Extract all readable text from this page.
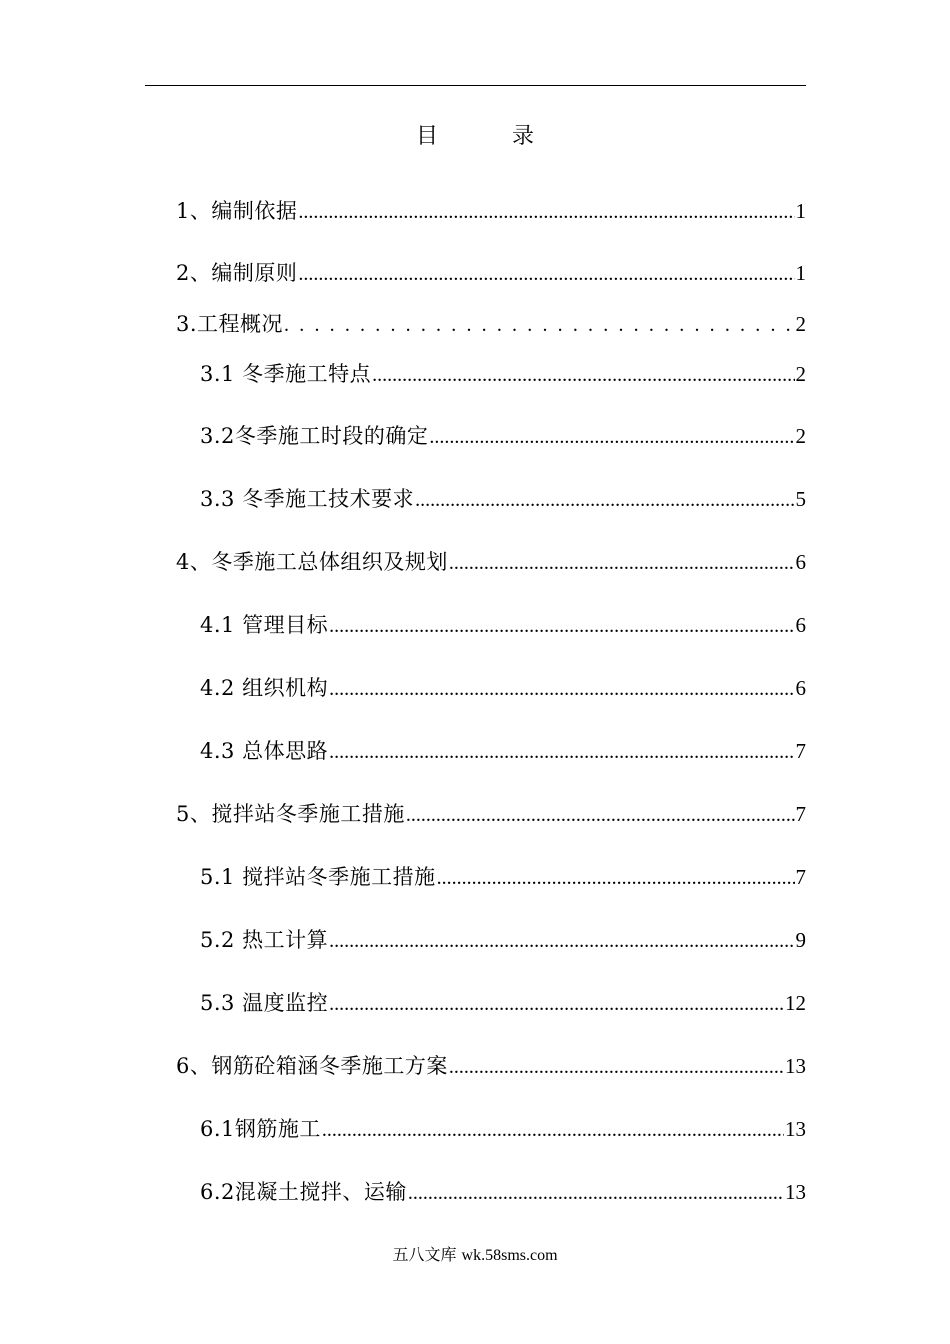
目　录
1、编制依据 .....	1
2、编制原则 .....	1
3.工程概况 . . .	2
3.1 冬季施工特点 .....	2
3.2冬季施工时段的确定 .....	2
3.3 冬季施工技术要求 .....	5
4、冬季施工总体组织及规划 .....	6
4.1 管理目标 .....	6
4.2 组织机构 .....	6
4.3 总体思路 .....	7
5、搅拌站冬季施工措施 .....	7
5.1 搅拌站冬季施工措施 .....	7
5.2 热工计算 .....	9
5.3 温度监控 .....	12
6、钢筋砼箱涵冬季施工方案 .....	13
6.1钢筋施工 .....	13
6.2混凝土搅拌、运输 .....	13
五八文库 wk.58sms.com
